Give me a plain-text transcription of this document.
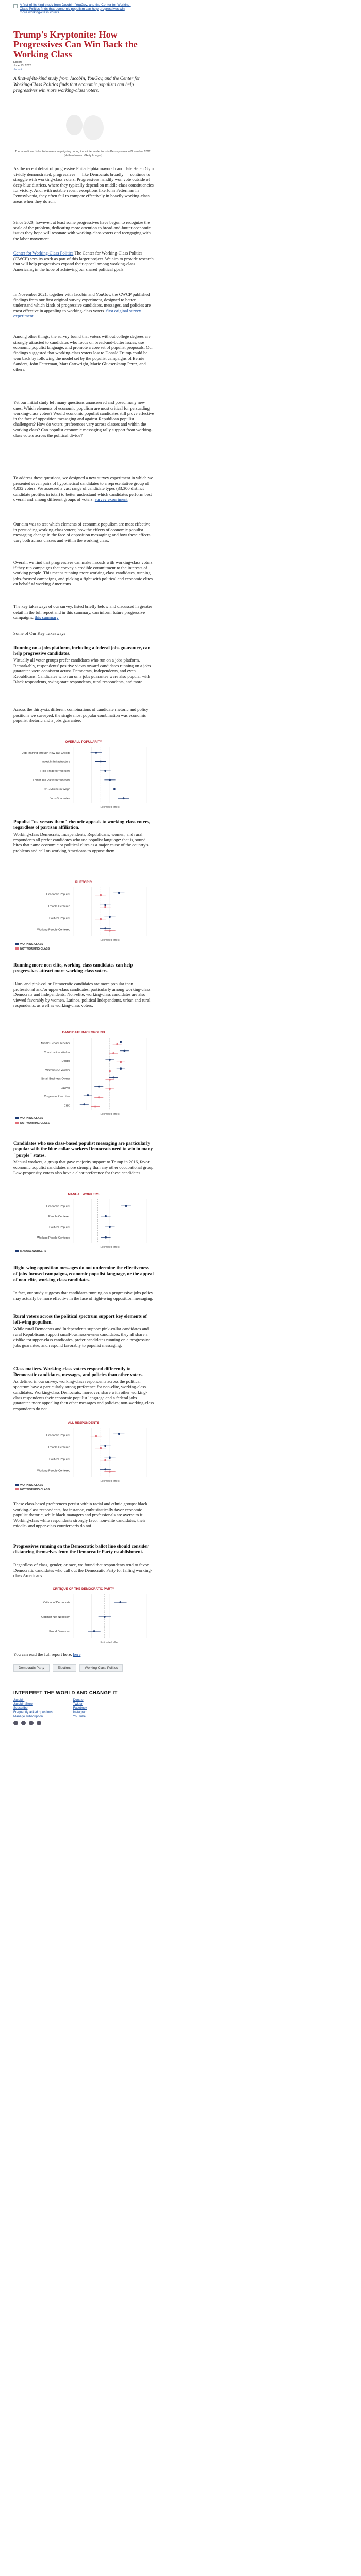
A first-of-its-kind study from Jacobin, YouGov, and the Center for Working-Class Politics finds that economic populism can help progressives win more working-class voters
Trump's Kryptonite: How Progressives Can Win Back the Working Class
Editors
June 13, 2023
Jacobin

A first-of-its-kind study from Jacobin, YouGov, and the Center for Working-Class Politics finds that economic populism can help progressives win more working-class voters.

Then-candidate John Fetterman campaigning during the midterm elections in Pennsylvania in November 2022. (Nathan Howard/Getty Images)

As the recent defeat of progressive Philadelphia mayoral candidate Helen Gym vividly demonstrated, progressives — like Democrats broadly — continue to struggle with working-class voters. Progressives handily won vote outside of deep-blue districts, where they typically depend on middle-class constituencies for victory. And, with notable recent exceptions like John Fetterman in Pennsylvania, they often fail to compete effectively in heavily working-class areas when they do run.

Since 2020, however, at least some progressives have begun to recognize the scale of the problem, dedicating more attention to bread-and-butter economic issues they hope will resonate with working-class voters and reengaging with the labor movement.

Center for Working-Class Politics The Center for Working-Class Politics (CWCP) sees its work as part of this larger project. We aim to provide research that will help progressives expand their appeal among working-class Americans, in the hope of achieving our shared political goals.

In November 2021, together with Jacobin and YouGov, the CWCP published findings from our first original survey experiment, designed to better understand which kinds of progressive candidates, messages, and policies are most effective in appealing to working-class voters. first original survey experiment

Among other things, the survey found that voters without college degrees are strongly attracted to candidates who focus on bread-and-butter issues, use economic populist language, and promote a core set of populist proposals. Our findings suggested that working-class voters lost to Donald Trump could be won back by following the model set by the populist campaigns of Bernie Sanders, John Fetterman, Matt Cartwright, Marie Gluesenkamp Perez, and others.

Yet our initial study left many questions unanswered and posed many new ones. Which elements of economic populism are most critical for persuading working-class voters? Would economic populist candidates still prove effective in the face of opposition messaging and against Republican populist challengers? How do voters' preferences vary across classes and within the working class? Can populist economic messaging rally support from working-class voters across the political divide?

To address these questions, we designed a new survey experiment in which we presented seven pairs of hypothetical candidates to a representative group of 4,032 voters. We assessed a vast range of candidate types (33,300 distinct candidate profiles in total) to better understand which candidates perform best overall and among different groups of voters. survey experiment

Our aim was to test which elements of economic populism are most effective in persuading working-class voters; how the effects of economic populist messaging change in the face of opposition messaging; and how these effects vary both across classes and within the working class.

Overall, we find that progressives can make inroads with working-class voters if they run campaigns that convey a credible commitment to the interests of working people. This means running more working-class candidates, running jobs-focused campaigns, and picking a fight with political and economic elites on behalf of working Americans.

The key takeaways of our survey, listed briefly below and discussed in greater detail in the full report and in this summary, can inform future progressive campaigns. this summary

Some of Our Key Takeaways

Running on a jobs platform, including a federal jobs guarantee, can help progressive candidates.

Virtually all voter groups prefer candidates who run on a jobs platform. Remarkably, respondents' positive views toward candidates running on a jobs guarantee were consistent across Democrats, Independents, and even Republicans. Candidates who run on a jobs guarantee were also popular with Black respondents, swing-state respondents, rural respondents, and more.

Across the thirty-six different combinations of candidate rhetoric and policy positions we surveyed, the single most popular combination was economic populist rhetoric and a jobs guarantee.

OVERALL POPULARITY
Job Training through New Tax Credits
Invest in Infrastructure
Hold Trade for Workers
Lower Tax Rates for Workers
$15 Minimum Wage
Jobs Guarantee
Estimated effect
Populist "us-versus-them" rhetoric appeals to working-class voters, regardless of partisan affiliation.

Working-class Democrats, Independents, Republicans, women, and rural respondents all prefer candidates who use populist language: that is, sound bites that name economic or political elites as a major cause of the country's problems and call on working Americans to oppose them.

RHETORIC
Economic Populist
People Centered
Political Populist
Working People Centered
Estimated effect
WORKING CLASS
NOT WORKING CLASS
Running more non-elite, working-class candidates can help progressives attract more working-class voters.

Blue- and pink-collar Democratic candidates are more popular than professional and/or upper-class candidates, particularly among working-class Democrats and Independents. Non-elite, working-class candidates are also viewed favorably by women, Latinos, political Independents, urban and rural respondents, as well as working-class voters.

CANDIDATE BACKGROUND
Middle School Teacher
Construction Worker
Doctor
Warehouse Worker
Small Business Owner
Lawyer
Corporate Executive
CEO
Estimated effect
WORKING CLASS
NOT WORKING CLASS
Candidates who use class-based populist messaging are particularly popular with the blue-collar workers Democrats need to win in many "purple" states.

Manual workers, a group that gave majority support to Trump in 2016, favor economic populist candidates more strongly than any other occupational group. Low-propensity voters also have a clear preference for these candidates.

MANUAL WORKERS
Economic Populist
People Centered
Political Populist
Working People Centered
Estimated effect
MANUAL WORKERS
Right-wing opposition messages do not undermine the effectiveness of jobs-focused campaigns, economic populist language, or the appeal of non-elite, working-class candidates.

In fact, our study suggests that candidates running on a progressive jobs policy may actually be more effective in the face of right-wing opposition messaging.

Rural voters across the political spectrum support key elements of left-wing populism.

While rural Democrats and Independents support pink-collar candidates and rural Republicans support small-business-owner candidates, they all share a dislike for upper-class candidates, prefer candidates running on a progressive jobs guarantee, and respond favorably to populist messaging.

Class matters. Working-class voters respond differently to Democratic candidates, messages, and policies than other voters.

As defined in our survey, working-class respondents across the political spectrum have a particularly strong preference for non-elite, working-class candidates. Working-class Democrats, moreover, share with other working-class respondents their economic populist language and a federal jobs guarantee more appealing than other messages and policies; non-working-class respondents do not.

ALL RESPONDENTS
Economic Populist
People Centered
Political Populist
Working People Centered
Estimated effect
WORKING CLASS
NOT WORKING CLASS

These class-based preferences persist within racial and ethnic groups: black working-class respondents, for instance, enthusiastically favor economic populist rhetoric, while black managers and professionals are averse to it. Working-class white respondents strongly favor non-elite candidates; their middle- and upper-class counterparts do not.

Progressives running on the Democratic ballot line should consider distancing themselves from the Democratic Party establishment.

Regardless of class, gender, or race, we found that respondents tend to favor Democratic candidates who call out the Democratic Party for failing working-class Americans.

CRITIQUE OF THE DEMOCRATIC PARTY
Critical of Democrats
Optimist Not Nepotism
Proud Democrat
Estimated effect

You can read the full report here. here

Democratic Party	Elections	Working Class Politics
INTERPRET THE WORLD AND CHANGE IT
Jacobin
Jacobin Store
Subscribe
Frequently asked questions
Manage subscription
Donate
Twitter
Facebook
Instagram
YouTube
